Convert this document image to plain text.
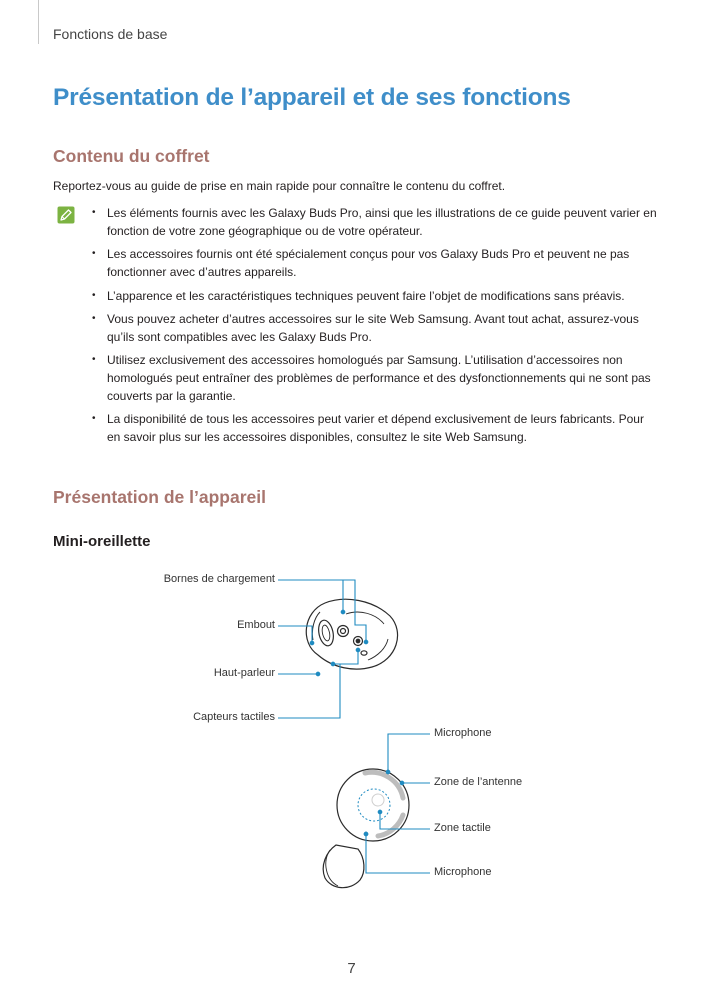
Fonctions de base
Présentation de l’appareil et de ses fonctions
Contenu du coffret
Reportez-vous au guide de prise en main rapide pour connaître le contenu du coffret.
• Les éléments fournis avec les Galaxy Buds Pro, ainsi que les illustrations de ce guide peuvent varier en fonction de votre zone géographique ou de votre opérateur.
• Les accessoires fournis ont été spécialement conçus pour vos Galaxy Buds Pro et peuvent ne pas fonctionner avec d’autres appareils.
• L’apparence et les caractéristiques techniques peuvent faire l’objet de modifications sans préavis.
• Vous pouvez acheter d’autres accessoires sur le site Web Samsung. Avant tout achat, assurez-vous qu’ils sont compatibles avec les Galaxy Buds Pro.
• Utilisez exclusivement des accessoires homologués par Samsung. L’utilisation d’accessoires non homologués peut entraîner des problèmes de performance et des dysfonctionnements qui ne sont pas couverts par la garantie.
• La disponibilité de tous les accessoires peut varier et dépend exclusivement de leurs fabricants. Pour en savoir plus sur les accessoires disponibles, consultez le site Web Samsung.
Présentation de l’appareil
Mini-oreillette
Bornes de chargement
Embout
Haut-parleur
Capteurs tactiles
Microphone
Zone de l’antenne
Zone tactile
Microphone
7
